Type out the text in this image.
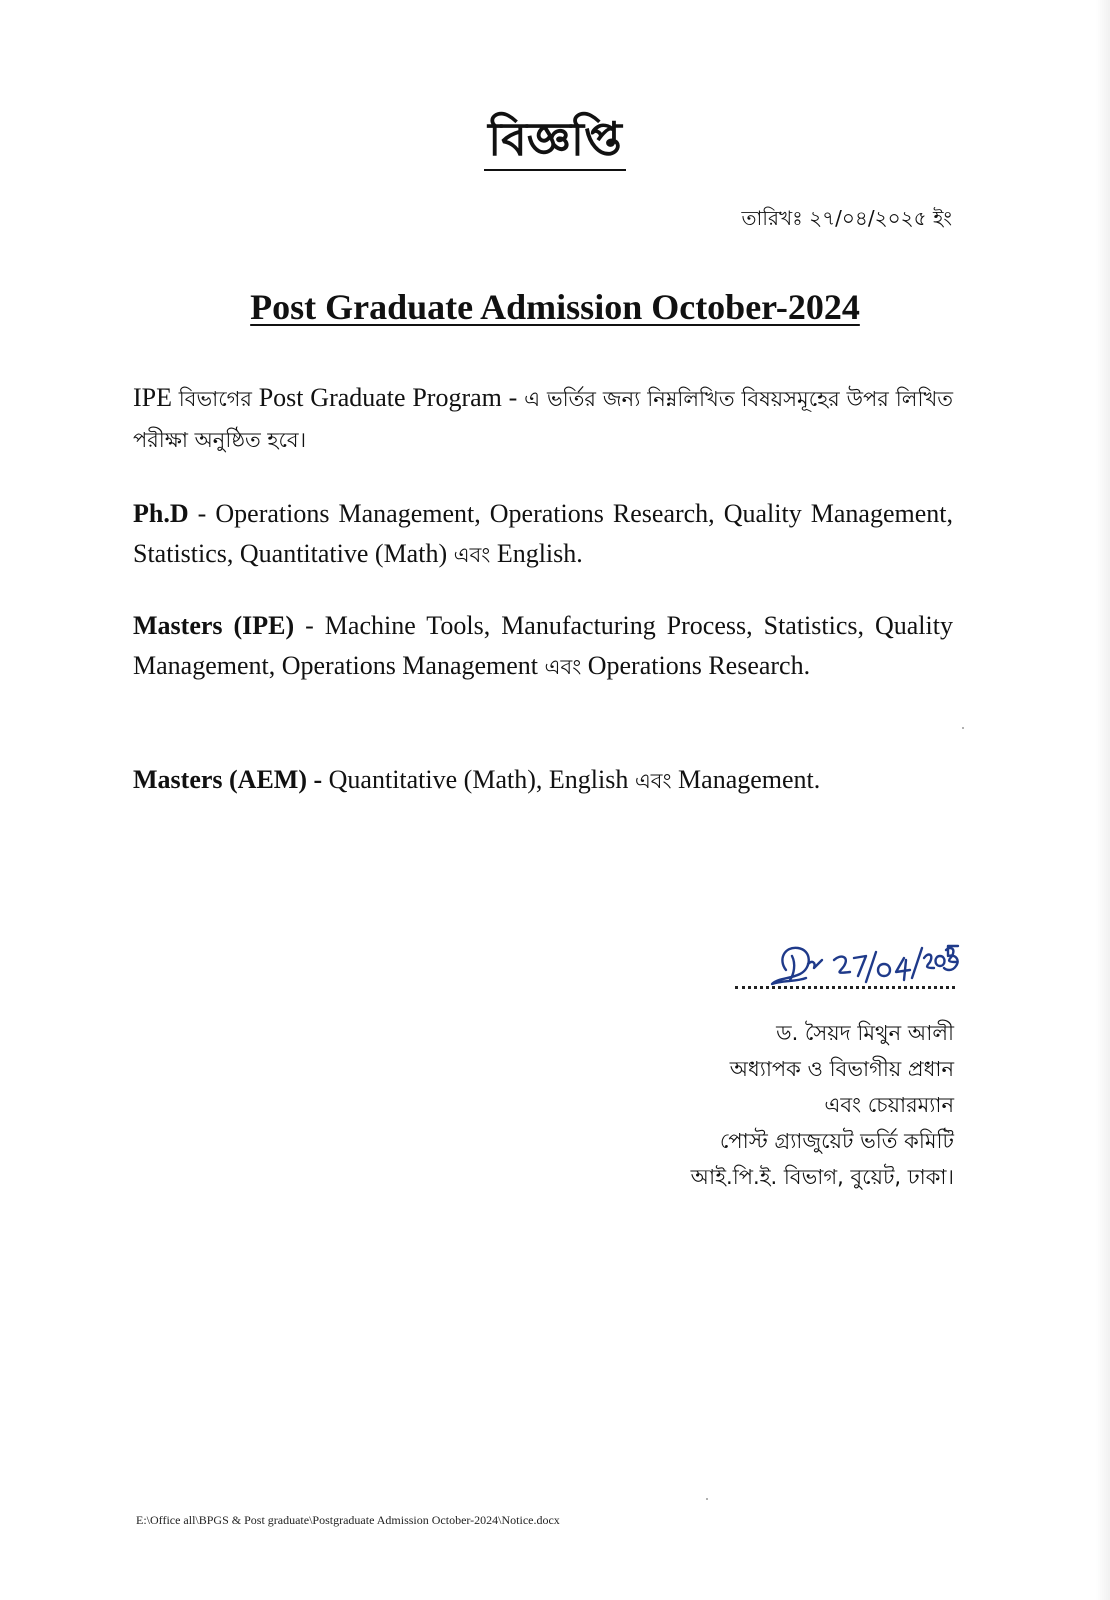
বিজ্ঞপ্তি
তারিখঃ ২৭/০৪/২০২৫ ইং
Post Graduate Admission October-2024
IPE বিভাগের Post Graduate Program - এ ভর্তির জন্য নিম্নলিখিত বিষয়সমূহের উপর লিখিত পরীক্ষা অনুষ্ঠিত হবে।
Ph.D - Operations Management, Operations Research, Quality Management, Statistics, Quantitative (Math) এবং English.
Masters (IPE) - Machine Tools, Manufacturing Process, Statistics, Quality Management, Operations Management এবং Operations Research.
Masters (AEM) - Quantitative (Math), English এবং Management.
ড. সৈয়দ মিথুন আলী
অধ্যাপক ও বিভাগীয় প্রধান
এবং চেয়ারম্যান
পোস্ট গ্র্যাজুয়েট ভর্তি কমিটি
আই.পি.ই. বিভাগ, বুয়েট, ঢাকা।
E:\Office all\BPGS & Post graduate\Postgraduate Admission October-2024\Notice.docx
